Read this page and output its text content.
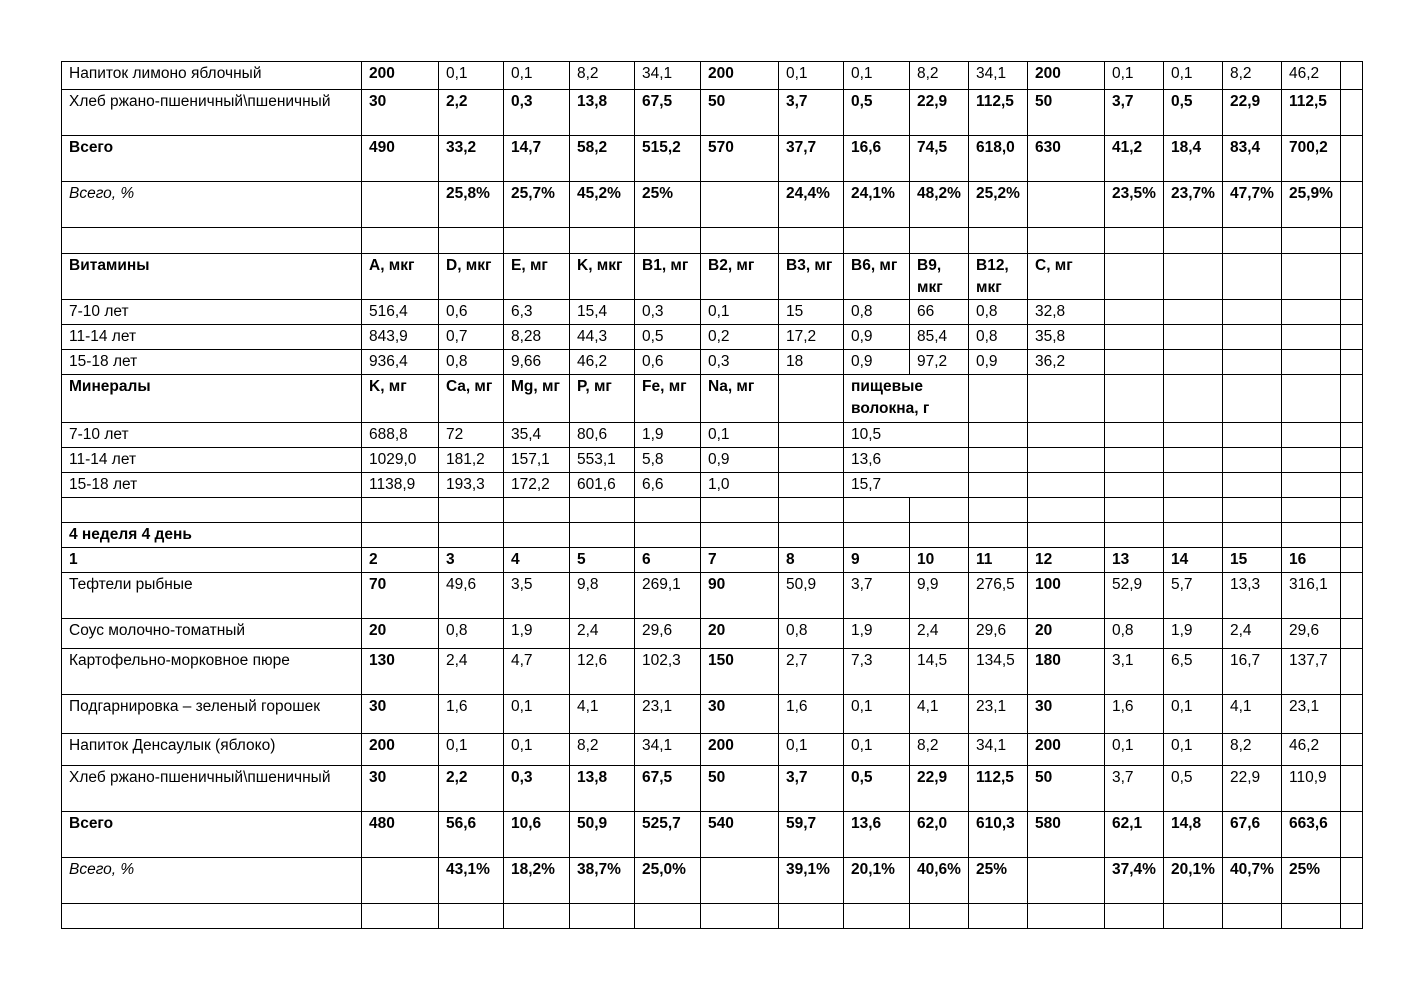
Напиток лимоно яблочный	200	0,1	0,1	8,2	34,1	200	0,1	0,1	8,2	34,1	200	0,1	0,1	8,2	46,2	
Хлеб ржано-пшеничный\пшеничный	30	2,2	0,3	13,8	67,5	50	3,7	0,5	22,9	112,5	50	3,7	0,5	22,9	112,5	
Всего	490	33,2	14,7	58,2	515,2	570	37,7	16,6	74,5	618,0	630	41,2	18,4	83,4	700,2	
Всего, %		25,8%	25,7%	45,2%	25%		24,4%	24,1%	48,2%	25,2%		23,5%	23,7%	47,7%	25,9%	

Витамины	А, мкг	D, мкг	E, мг	K, мкг	B1, мг	B2, мг	B3, мг	B6, мг	B9, мкг	B12, мкг	C, мг					
7-10 лет	516,4	0,6	6,3	15,4	0,3	0,1	15	0,8	66	0,8	32,8					
11-14 лет	843,9	0,7	8,28	44,3	0,5	0,2	17,2	0,9	85,4	0,8	35,8					
15-18 лет	936,4	0,8	9,66	46,2	0,6	0,3	18	0,9	97,2	0,9	36,2					
Минералы	K, мг	Ca, мг	Mg, мг	P, мг	Fe, мг	Na, мг		пищевые волокна, г								
7-10 лет	688,8	72	35,4	80,6	1,9	0,1		10,5								
11-14 лет	1029,0	181,2	157,1	553,1	5,8	0,9		13,6								
15-18 лет	1138,9	193,3	172,2	601,6	6,6	1,0		15,7								

4 неделя 4 день																
1	2	3	4	5	6	7	8	9	10	11	12	13	14	15	16	
Тефтели рыбные	70	49,6	3,5	9,8	269,1	90	50,9	3,7	9,9	276,5	100	52,9	5,7	13,3	316,1	
Соус молочно-томатный	20	0,8	1,9	2,4	29,6	20	0,8	1,9	2,4	29,6	20	0,8	1,9	2,4	29,6	
Картофельно-морковное пюре	130	2,4	4,7	12,6	102,3	150	2,7	7,3	14,5	134,5	180	3,1	6,5	16,7	137,7	
Подгарнировка – зеленый горошек	30	1,6	0,1	4,1	23,1	30	1,6	0,1	4,1	23,1	30	1,6	0,1	4,1	23,1	
Напиток Денсаулык (яблоко)	200	0,1	0,1	8,2	34,1	200	0,1	0,1	8,2	34,1	200	0,1	0,1	8,2	46,2	
Хлеб ржано-пшеничный\пшеничный	30	2,2	0,3	13,8	67,5	50	3,7	0,5	22,9	112,5	50	3,7	0,5	22,9	110,9	
Всего	480	56,6	10,6	50,9	525,7	540	59,7	13,6	62,0	610,3	580	62,1	14,8	67,6	663,6	
Всего, %		43,1%	18,2%	38,7%	25,0%		39,1%	20,1%	40,6%	25%		37,4%	20,1%	40,7%	25%	
